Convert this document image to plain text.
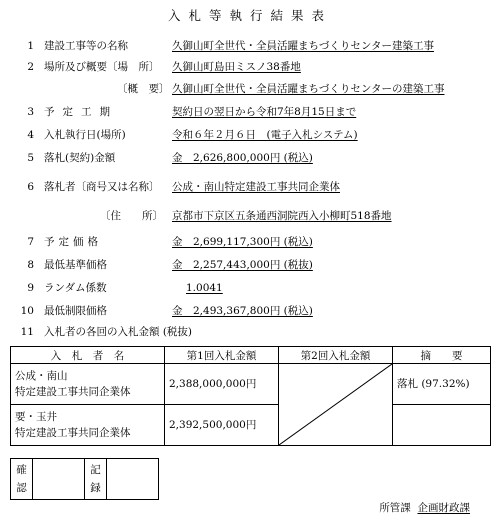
入札等執行結果表
1 建設工事等の名称	久御山町全世代・全員活躍まちづくりセンター建築工事
2 場所及び概要〔場　所〕 久御山町島田ミスノ38番地
〔概　要〕 久御山町全世代・全員活躍まちづくりセンターの建築工事
3 予定工期	契約日の翌日から令和7年8月15日まで
4 入札執行日(場所)	令和６年２月６日　(電子入札システム)
5 落札(契約)金額	金　2,626,800,000円 (税込)
6 落札者〔商号又は名称〕 公成・南山特定建設工事共同企業体
〔住　　所〕 京都市下京区五条通西洞院西入小柳町518番地
7 予定価格	金　2,699,117,300円 (税込)
8 最低基準価格	金　2,257,443,000円 (税抜)
9 ランダム係数	1.0041
10 最低制限価格	金　2,493,367,800円 (税込)
11 入札者の各回の入札金額 (税抜)
入　札　者　名	第1回入札金額	第2回入札金額	摘　　要

公成・南山
特定建設工事共同企業体	2,388,000,000円		落札 (97.32%)

要・玉井
特定建設工事共同企業体	2,392,500,000円		
確認		記録	
所管課 企画財政課
